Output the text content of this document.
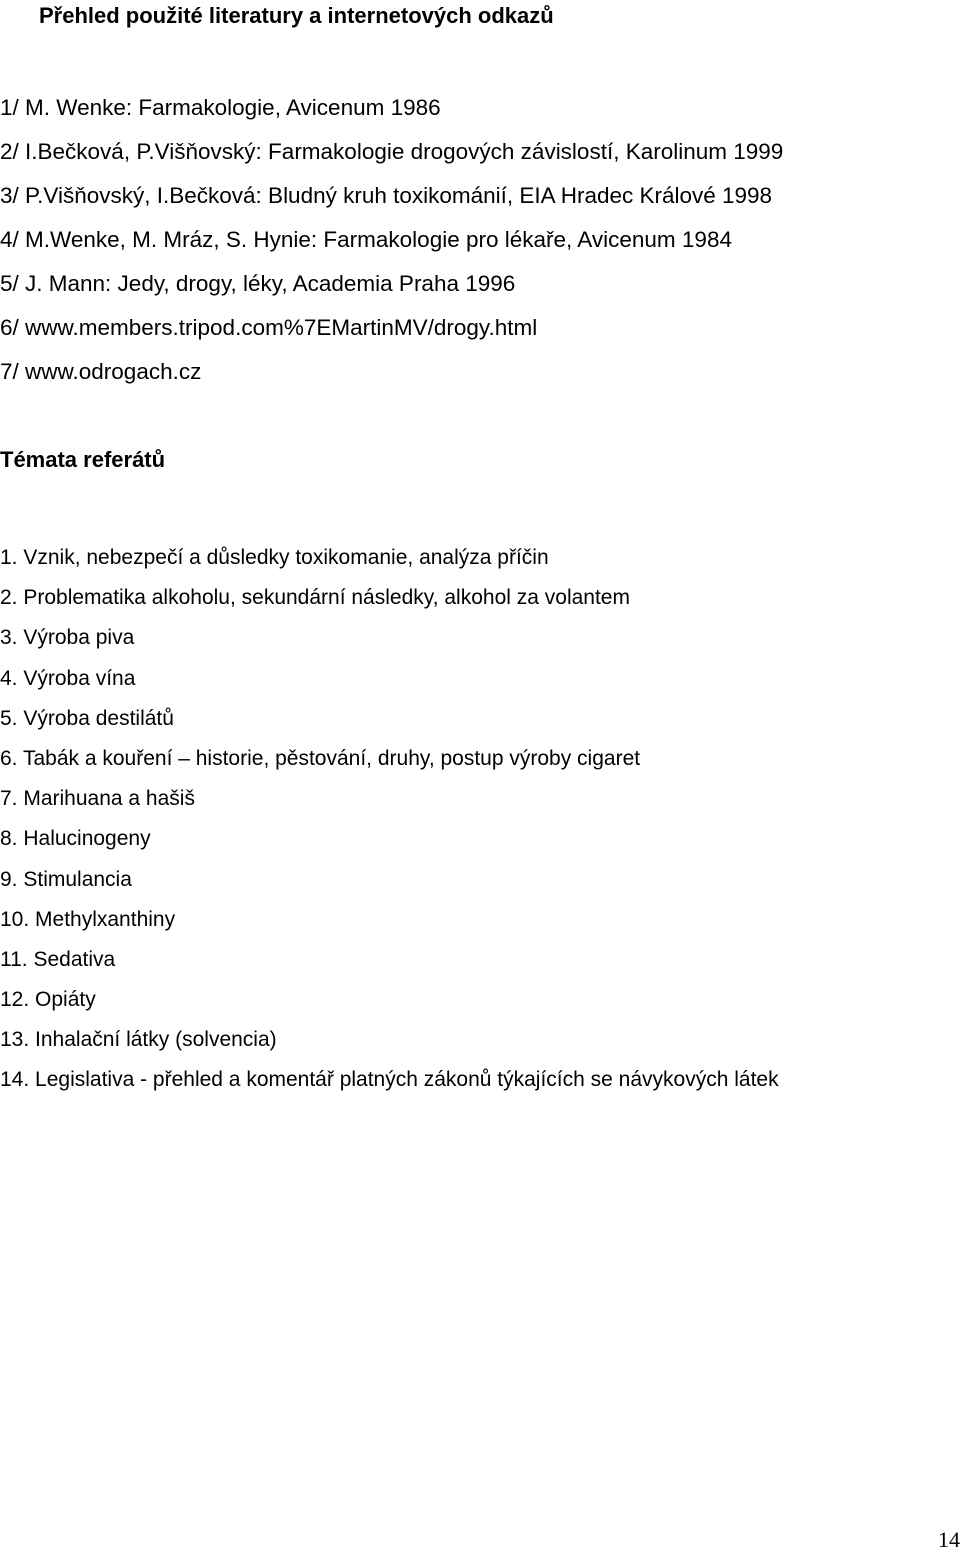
Přehled použité literatury a internetových odkazů
1/ M. Wenke: Farmakologie, Avicenum 1986
2/ I.Bečková, P.Višňovský: Farmakologie drogových závislostí, Karolinum 1999
3/ P.Višňovský, I.Bečková: Bludný kruh toxikománií, EIA Hradec Králové 1998
4/ M.Wenke, M. Mráz, S. Hynie: Farmakologie pro lékaře, Avicenum 1984
5/ J. Mann: Jedy, drogy, léky, Academia Praha 1996
6/ www.members.tripod.com%7EMartinMV/drogy.html
7/ www.odrogach.cz
Témata referátů
1. Vznik, nebezpečí a důsledky toxikomanie, analýza příčin
2. Problematika alkoholu, sekundární následky, alkohol za volantem
3. Výroba piva
4. Výroba vína
5. Výroba destilátů
6. Tabák a kouření – historie, pěstování, druhy, postup výroby cigaret
7. Marihuana a hašiš
8. Halucinogeny
9. Stimulancia
10. Methylxanthiny
11. Sedativa
12. Opiáty
13. Inhalační látky (solvencia)
14. Legislativa - přehled a komentář platných zákonů týkajících se návykových látek
14
